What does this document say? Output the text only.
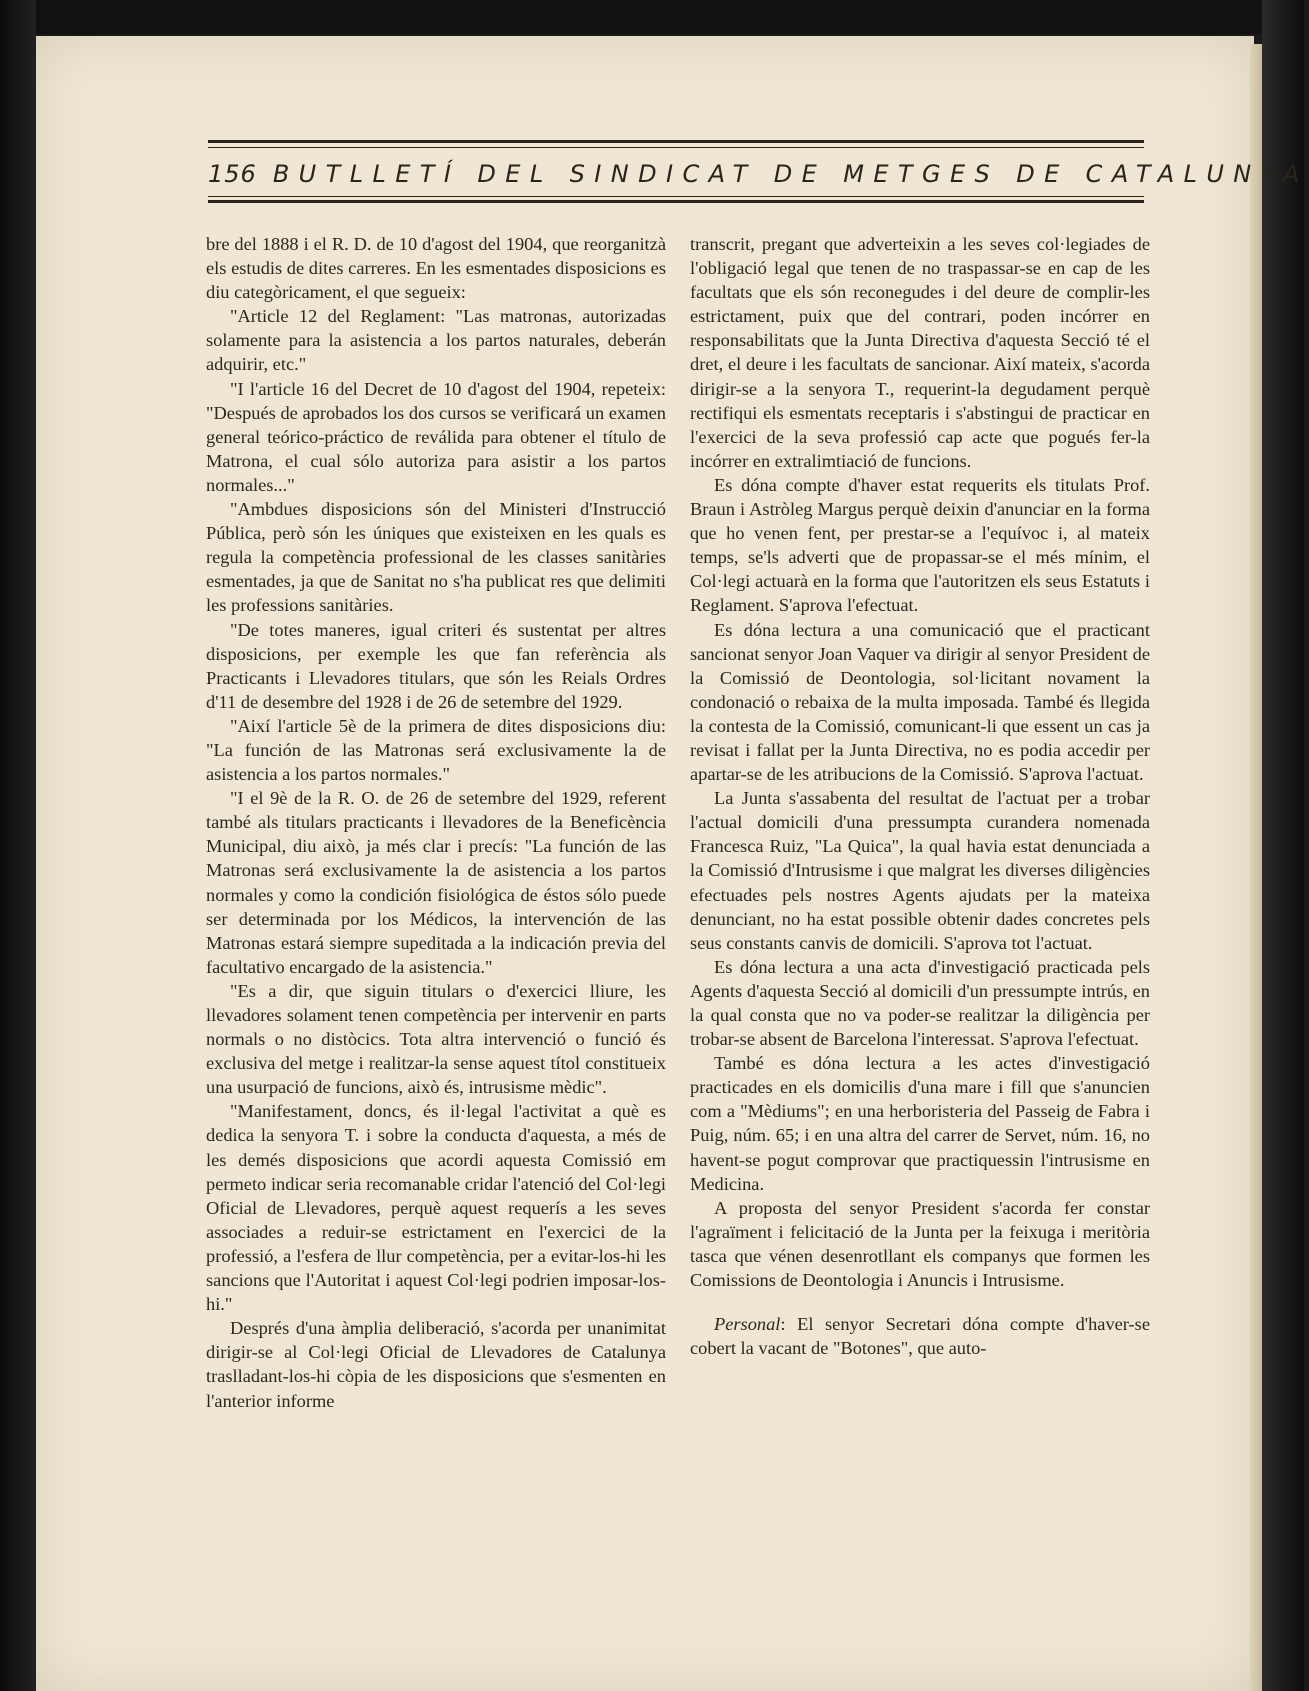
156 BUTLLETÍ DEL SINDICAT DE METGES DE CATALUNYA

bre del 1888 i el R. D. de 10 d'agost del 1904, que reorganitzà els estudis de dites carreres. En les esmentades disposicions es diu categòricament, el que segueix:

"Article 12 del Reglament: "Las matronas, autorizadas solamente para la asistencia a los partos naturales, deberán adquirir, etc."

"I l'article 16 del Decret de 10 d'agost del 1904, repeteix: "Después de aprobados los dos cursos se verificará un examen general teórico-práctico de reválida para obtener el título de Matrona, el cual sólo autoriza para asistir a los partos normales..."

"Ambdues disposicions són del Ministeri d'Instrucció Pública, però són les úniques que existeixen en les quals es regula la competència professional de les classes sanitàries esmentades, ja que de Sanitat no s'ha publicat res que delimiti les professions sanitàries.

"De totes maneres, igual criteri és sustentat per altres disposicions, per exemple les que fan referència als Practicants i Llevadores titulars, que són les Reials Ordres d'11 de desembre del 1928 i de 26 de setembre del 1929.

"Així l'article 5è de la primera de dites disposicions diu: "La función de las Matronas será exclusivamente la de asistencia a los partos normales."

"I el 9è de la R. O. de 26 de setembre del 1929, referent també als titulars practicants i llevadores de la Beneficència Municipal, diu això, ja més clar i precís: "La función de las Matronas será exclusivamente la de asistencia a los partos normales y como la condición fisiológica de éstos sólo puede ser determinada por los Médicos, la intervención de las Matronas estará siempre supeditada a la indicación previa del facultativo encargado de la asistencia."

"Es a dir, que siguin titulars o d'exercici lliure, les llevadores solament tenen competència per intervenir en parts normals o no distòcics. Tota altra intervenció o funció és exclusiva del metge i realitzar-la sense aquest títol constitueix una usurpació de funcions, això és, intrusisme mèdic".

"Manifestament, doncs, és il·legal l'activitat a què es dedica la senyora T. i sobre la conducta d'aquesta, a més de les demés disposicions que acordi aquesta Comissió em permeto indicar seria recomanable cridar l'atenció del Col·legi Oficial de Llevadores, perquè aquest requerís a les seves associades a reduir-se estrictament en l'exercici de la professió, a l'esfera de llur competència, per a evitar-los-hi les sancions que l'Autoritat i aquest Col·legi podrien imposar-los-hi."

Després d'una àmplia deliberació, s'acorda per unanimitat dirigir-se al Col·legi Oficial de Llevadores de Catalunya traslladant-los-hi còpia de les disposicions que s'esmenten en l'anterior informe

transcrit, pregant que adverteixin a les seves col·legiades de l'obligació legal que tenen de no traspassar-se en cap de les facultats que els són reconegudes i del deure de complir-les estrictament, puix que del contrari, poden incórrer en responsabilitats que la Junta Directiva d'aquesta Secció té el dret, el deure i les facultats de sancionar. Així mateix, s'acorda dirigir-se a la senyora T., requerint-la degudament perquè rectifiqui els esmentats receptaris i s'abstingui de practicar en l'exercici de la seva professió cap acte que pogués fer-la incórrer en extralimtiació de funcions.

Es dóna compte d'haver estat requerits els titulats Prof. Braun i Astròleg Margus perquè deixin d'anunciar en la forma que ho venen fent, per prestar-se a l'equívoc i, al mateix temps, se'ls adverti que de propassar-se el més mínim, el Col·legi actuarà en la forma que l'autoritzen els seus Estatuts i Reglament. S'aprova l'efectuat.

Es dóna lectura a una comunicació que el practicant sancionat senyor Joan Vaquer va dirigir al senyor President de la Comissió de Deontologia, sol·licitant novament la condonació o rebaixa de la multa imposada. També és llegida la contesta de la Comissió, comunicant-li que essent un cas ja revisat i fallat per la Junta Directiva, no es podia accedir per apartar-se de les atribucions de la Comissió. S'aprova l'actuat.

La Junta s'assabenta del resultat de l'actuat per a trobar l'actual domicili d'una pressumpta curandera nomenada Francesca Ruiz, "La Quica", la qual havia estat denunciada a la Comissió d'Intrusisme i que malgrat les diverses diligències efectuades pels nostres Agents ajudats per la mateixa denunciant, no ha estat possible obtenir dades concretes pels seus constants canvis de domicili. S'aprova tot l'actuat.

Es dóna lectura a una acta d'investigació practicada pels Agents d'aquesta Secció al domicili d'un pressumpte intrús, en la qual consta que no va poder-se realitzar la diligència per trobar-se absent de Barcelona l'interessat. S'aprova l'efectuat.

També es dóna lectura a les actes d'investigació practicades en els domicilis d'una mare i fill que s'anuncien com a "Mèdiums"; en una herboristeria del Passeig de Fabra i Puig, núm. 65; i en una altra del carrer de Servet, núm. 16, no havent-se pogut comprovar que practiquessin l'intrusisme en Medicina.

A proposta del senyor President s'acorda fer constar l'agraïment i felicitació de la Junta per la feixuga i meritòria tasca que vénen desenrotllant els companys que formen les Comissions de Deontologia i Anuncis i Intrusisme.

Personal: El senyor Secretari dóna compte d'haver-se cobert la vacant de "Botones", que auto-
